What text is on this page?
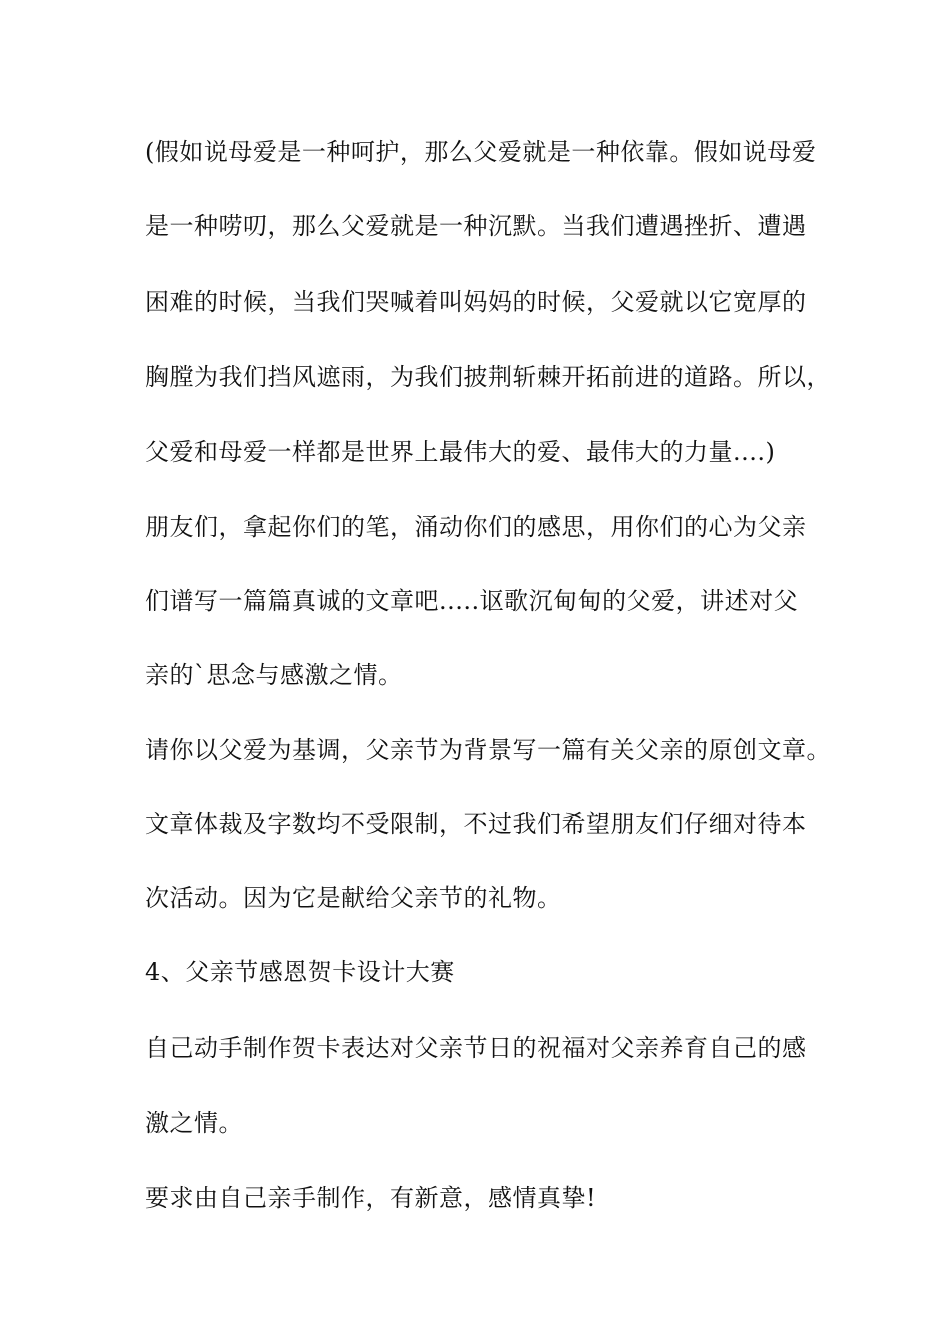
(假如说母爱是一种呵护，那么父爱就是一种依靠。假如说母爱
是一种唠叨，那么父爱就是一种沉默。当我们遭遇挫折、遭遇
困难的时候，当我们哭喊着叫妈妈的时候，父爱就以它宽厚的
胸膛为我们挡风遮雨，为我们披荆斩棘开拓前进的道路。所以，
父爱和母爱一样都是世界上最伟大的爱、最伟大的力量....)
朋友们，拿起你们的笔，涌动你们的感思，用你们的心为父亲
们谱写一篇篇真诚的文章吧.....讴歌沉甸甸的父爱，讲述对父
亲的`思念与感激之情。
请你以父爱为基调，父亲节为背景写一篇有关父亲的原创文章。
文章体裁及字数均不受限制，不过我们希望朋友们仔细对待本
次活动。因为它是献给父亲节的礼物。
4、父亲节感恩贺卡设计大赛
自己动手制作贺卡表达对父亲节日的祝福对父亲养育自己的感
激之情。
要求由自己亲手制作，有新意，感情真挚!
